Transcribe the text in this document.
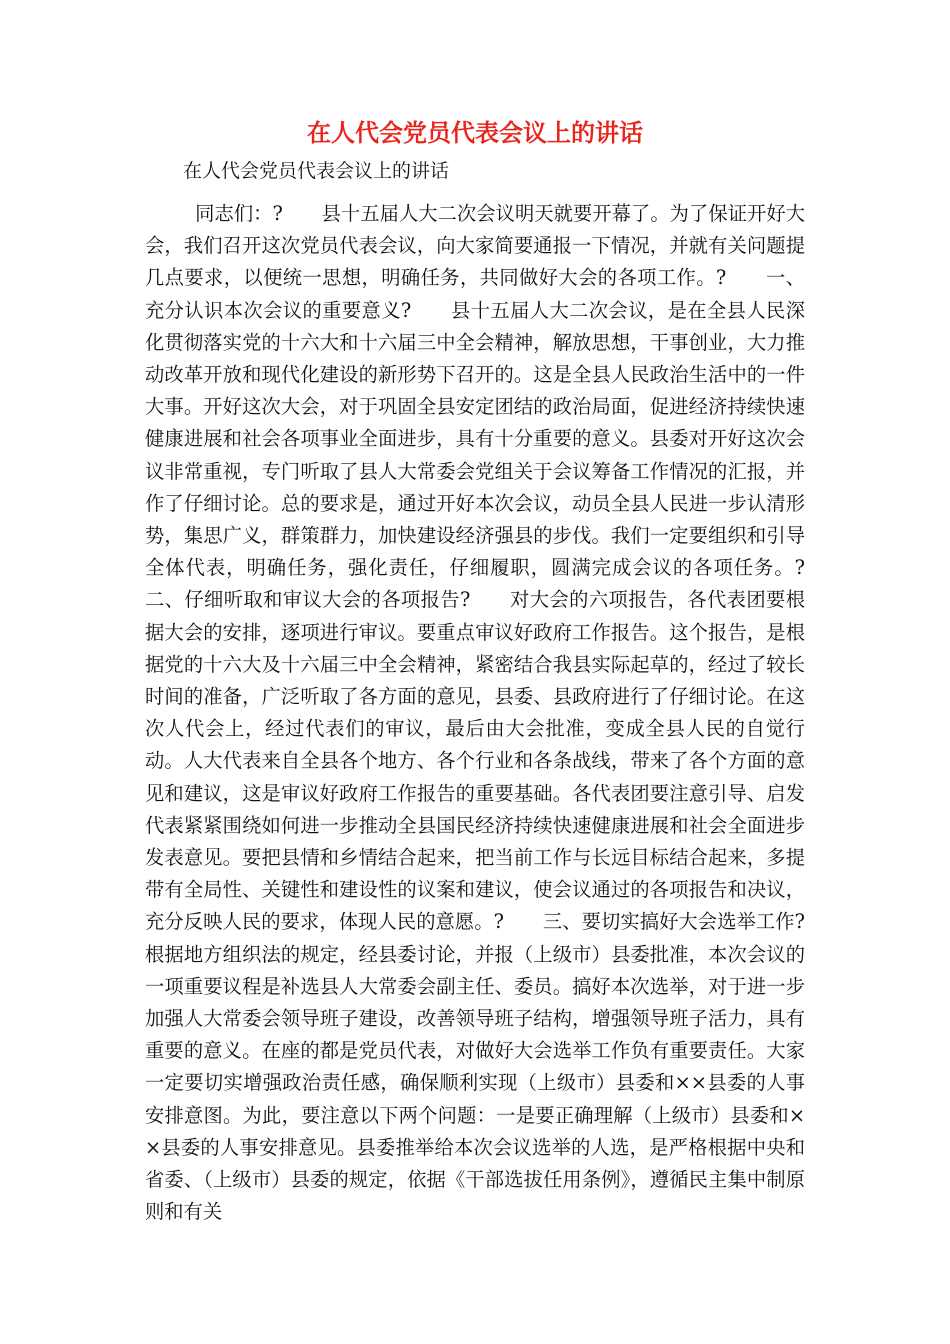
在人代会党员代表会议上的讲话

在人代会党员代表会议上的讲话

同志们：?　　县十五届人大二次会议明天就要开幕了。为了保证开好大会，我们召开这次党员代表会议，向大家简要通报一下情况，并就有关问题提几点要求，以便统一思想，明确任务，共同做好大会的各项工作。?　　一、充分认识本次会议的重要意义?　　县十五届人大二次会议，是在全县人民深化贯彻落实党的十六大和十六届三中全会精神，解放思想，干事创业，大力推动改革开放和现代化建设的新形势下召开的。这是全县人民政治生活中的一件大事。开好这次大会，对于巩固全县安定团结的政治局面，促进经济持续快速健康进展和社会各项事业全面进步，具有十分重要的意义。县委对开好这次会议非常重视，专门听取了县人大常委会党组关于会议筹备工作情况的汇报，并作了仔细讨论。总的要求是，通过开好本次会议，动员全县人民进一步认清形势，集思广义，群策群力，加快建设经济强县的步伐。我们一定要组织和引导全体代表，明确任务，强化责任，仔细履职，圆满完成会议的各项任务。?　　二、仔细听取和审议大会的各项报告?　　对大会的六项报告，各代表团要根据大会的安排，逐项进行审议。要重点审议好政府工作报告。这个报告，是根据党的十六大及十六届三中全会精神，紧密结合我县实际起草的，经过了较长时间的准备，广泛听取了各方面的意见，县委、县政府进行了仔细讨论。在这次人代会上，经过代表们的审议，最后由大会批准，变成全县人民的自觉行动。人大代表来自全县各个地方、各个行业和各条战线，带来了各个方面的意见和建议，这是审议好政府工作报告的重要基础。各代表团要注意引导、启发代表紧紧围绕如何进一步推动全县国民经济持续快速健康进展和社会全面进步发表意见。要把县情和乡情结合起来，把当前工作与长远目标结合起来，多提带有全局性、关键性和建设性的议案和建议，使会议通过的各项报告和决议，充分反映人民的要求，体现人民的意愿。?　　三、要切实搞好大会选举工作?　　根据地方组织法的规定，经县委讨论，并报（上级市）县委批准，本次会议的一项重要议程是补选县人大常委会副主任、委员。搞好本次选举，对于进一步加强人大常委会领导班子建设，改善领导班子结构，增强领导班子活力，具有重要的意义。在座的都是党员代表，对做好大会选举工作负有重要责任。大家一定要切实增强政治责任感，确保顺利实现（上级市）县委和××县委的人事安排意图。为此，要注意以下两个问题：一是要正确理解（上级市）县委和××县委的人事安排意见。县委推举给本次会议选举的人选，是严格根据中央和省委、（上级市）县委的规定，依据《干部选拔任用条例》，遵循民主集中制原则和有关
